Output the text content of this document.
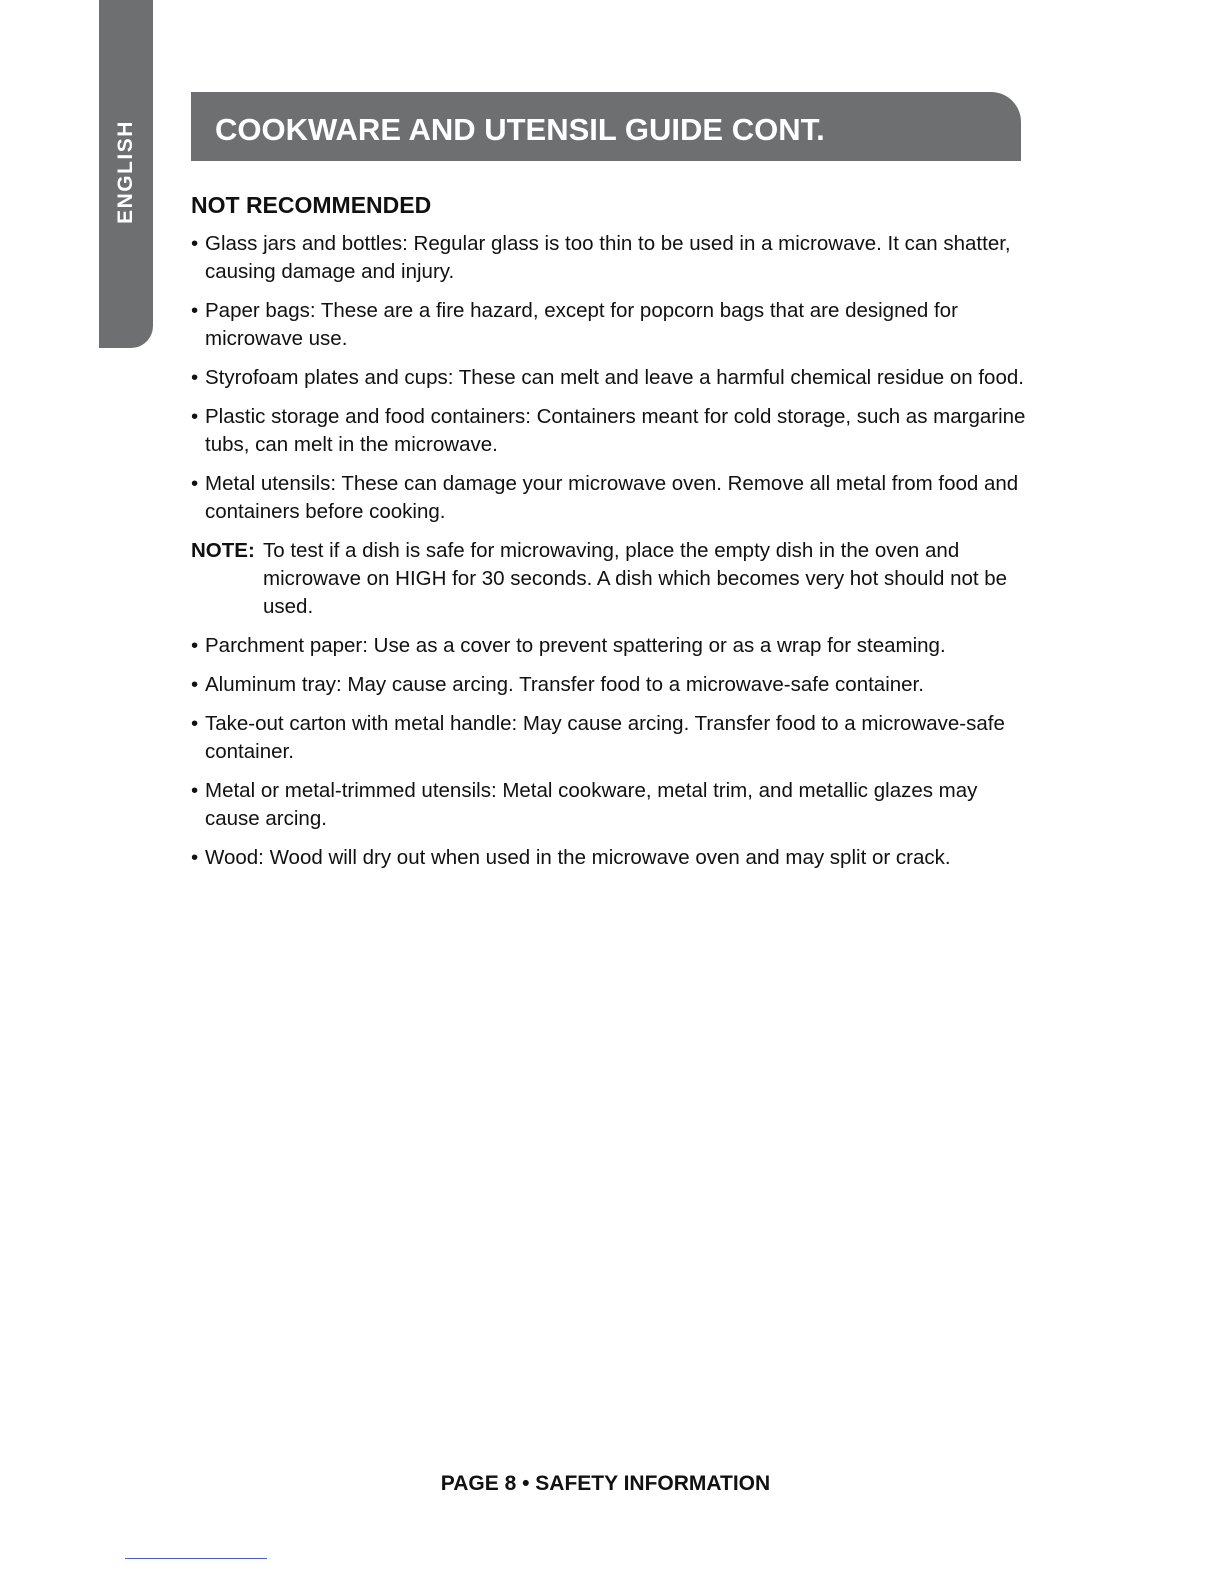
ENGLISH	COOKWARE AND UTENSIL GUIDE CONT.
NOT RECOMMENDED
• Glass jars and bottles: Regular glass is too thin to be used in a microwave. It can shatter, causing damage and injury.
• Paper bags: These are a fire hazard, except for popcorn bags that are designed for microwave use.
• Styrofoam plates and cups: These can melt and leave a harmful chemical residue on food.
• Plastic storage and food containers: Containers meant for cold storage, such as margarine tubs, can melt in the microwave.
• Metal utensils: These can damage your microwave oven. Remove all metal from food and containers before cooking.
NOTE: To test if a dish is safe for microwaving, place the empty dish in the oven and microwave on HIGH for 30 seconds. A dish which becomes very hot should not be used.
• Parchment paper: Use as a cover to prevent spattering or as a wrap for steaming.
• Aluminum tray: May cause arcing. Transfer food to a microwave-safe container.
• Take-out carton with metal handle: May cause arcing. Transfer food to a microwave-safe container.
• Metal or metal-trimmed utensils: Metal cookware, metal trim, and metallic glazes may cause arcing.
• Wood: Wood will dry out when used in the microwave oven and may split or crack.
PAGE 8 • SAFETY INFORMATION
